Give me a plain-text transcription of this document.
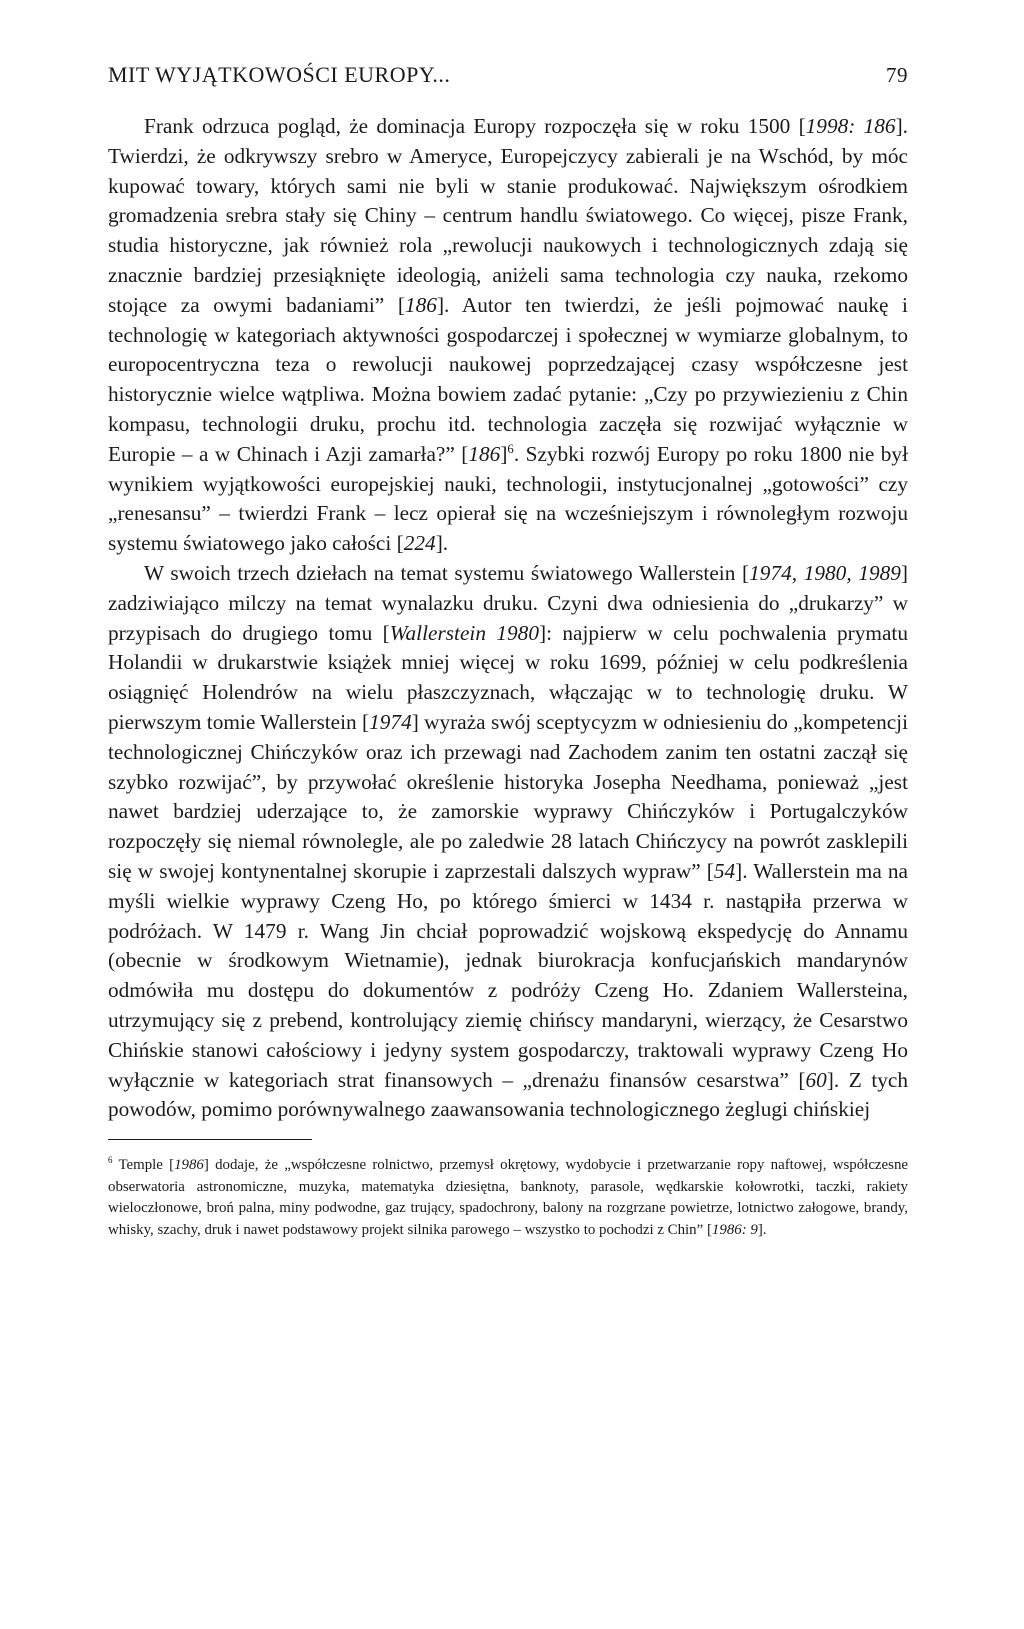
MIT WYJĄTKOWOŚCI EUROPY...	79

Frank odrzuca pogląd, że dominacja Europy rozpoczęła się w roku 1500 [1998: 186]. Twierdzi, że odkrywszy srebro w Ameryce, Europejczycy zabierali je na Wschód, by móc kupować towary, których sami nie byli w stanie produkować. Największym ośrodkiem gromadzenia srebra stały się Chiny – centrum handlu światowego. Co więcej, pisze Frank, studia historyczne, jak również rola „rewolucji naukowych i technologicznych zdają się znacznie bardziej przesiąknięte ideologią, aniżeli sama technologia czy nauka, rzekomo stojące za owymi badaniami” [186]. Autor ten twierdzi, że jeśli pojmować naukę i technologię w kategoriach aktywności gospodarczej i społecznej w wymiarze globalnym, to europocentryczna teza o rewolucji naukowej poprzedzającej czasy współczesne jest historycznie wielce wątpliwa. Można bowiem zadać pytanie: „Czy po przywiezieniu z Chin kompasu, technologii druku, prochu itd. technologia zaczęła się rozwijać wyłącznie w Europie – a w Chinach i Azji zamarła?” $[186]^6$. Szybki rozwój Europy po roku 1800 nie był wynikiem wyjątkowości europejskiej nauki, technologii, instytucjonalnej „gotowości” czy „renesansu” – twierdzi Frank – lecz opierał się na wcześniejszym i równoległym rozwoju systemu światowego jako całości [224].

W swoich trzech dziełach na temat systemu światowego Wallerstein [1974, 1980, 1989] zadziwiająco milczy na temat wynalazku druku. Czyni dwa odniesienia do „drukarzy” w przypisach do drugiego tomu [Wallerstein 1980]: najpierw w celu pochwalenia prymatu Holandii w drukarstwie książek mniej więcej w roku 1699, później w celu podkreślenia osiągnięć Holendrów na wielu płaszczyznach, włączając w to technologię druku. W pierwszym tomie Wallerstein [1974] wyraża swój sceptycyzm w odniesieniu do „kompetencji technologicznej Chińczyków oraz ich przewagi nad Zachodem zanim ten ostatni zaczął się szybko rozwijać”, by przywołać określenie historyka Josepha Needhama, ponieważ „jest nawet bardziej uderzające to, że zamorskie wyprawy Chińczyków i Portugalczyków rozpoczęły się niemal równolegle, ale po zaledwie 28 latach Chińczycy na powrót zasklepili się w swojej kontynentalnej skorupie i zaprzestali dalszych wypraw” [54]. Wallerstein ma na myśli wielkie wyprawy Czeng Ho, po którego śmierci w 1434 r. nastąpiła przerwa w podróżach. W 1479 r. Wang Jin chciał poprowadzić wojskową ekspedycję do Annamu (obecnie w środkowym Wietnamie), jednak biurokracja konfucjańskich mandarynów odmówiła mu dostępu do dokumentów z podróży Czeng Ho. Zdaniem Wallersteina, utrzymujący się z prebend, kontrolujący ziemię chińscy mandaryni, wierzący, że Cesarstwo Chińskie stanowi całościowy i jedyny system gospodarczy, traktowali wyprawy Czeng Ho wyłącznie w kategoriach strat finansowych – „drenażu finansów cesarstwa” [60]. Z tych powodów, pomimo porównywalnego zaawansowania technologicznego żeglugi chińskiej

$^6$ Temple [1986] dodaje, że „współczesne rolnictwo, przemysł okrętowy, wydobycie i przetwarzanie ropy naftowej, współczesne obserwatoria astronomiczne, muzyka, matematyka dziesiętna, banknoty, parasole, wędkarskie kołowrotki, taczki, rakiety wieloczłonowe, broń palna, miny podwodne, gaz trujący, spadochrony, balony na rozgrzane powietrze, lotnictwo załogowe, brandy, whisky, szachy, druk i nawet podstawowy projekt silnika parowego – wszystko to pochodzi z Chin” [1986: 9].
